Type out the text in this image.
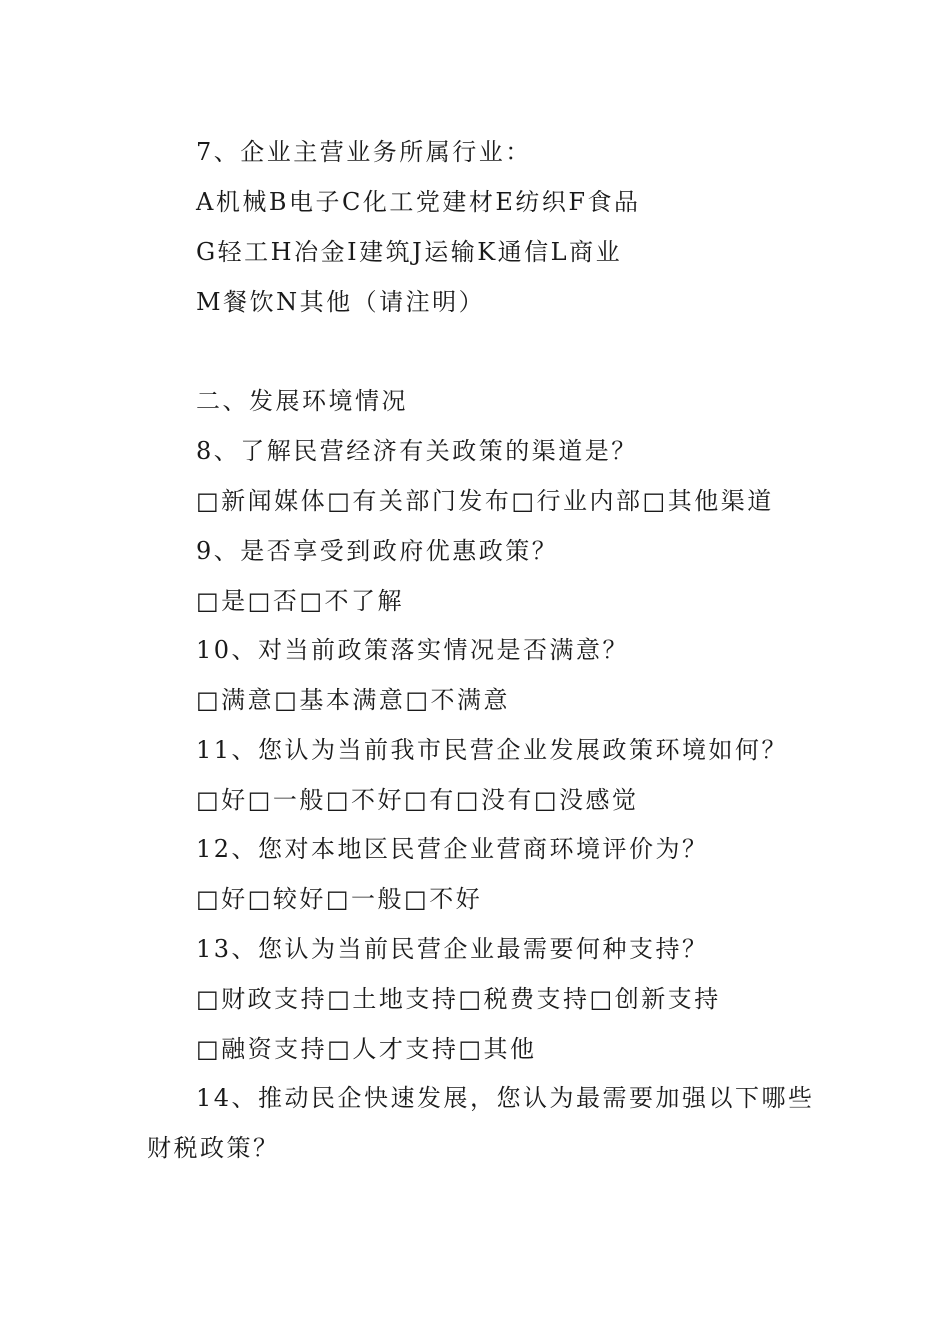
7、企业主营业务所属行业：
A机械B电子C化工党建材E纺织F食品
G轻工H冶金I建筑J运输K通信L商业
M餐饮N其他（请注明）
二、发展环境情况
8、了解民营经济有关政策的渠道是？
□新闻媒体□有关部门发布□行业内部□其他渠道
9、是否享受到政府优惠政策？
□是□否□不了解
10、对当前政策落实情况是否满意？
□满意□基本满意□不满意
11、您认为当前我市民营企业发展政策环境如何？
□好□一般□不好□有□没有□没感觉
12、您对本地区民营企业营商环境评价为？
□好□较好□一般□不好
13、您认为当前民营企业最需要何种支持？
□财政支持□土地支持□税费支持□创新支持
□融资支持□人才支持□其他
14、推动民企快速发展，您认为最需要加强以下哪些
财税政策？
